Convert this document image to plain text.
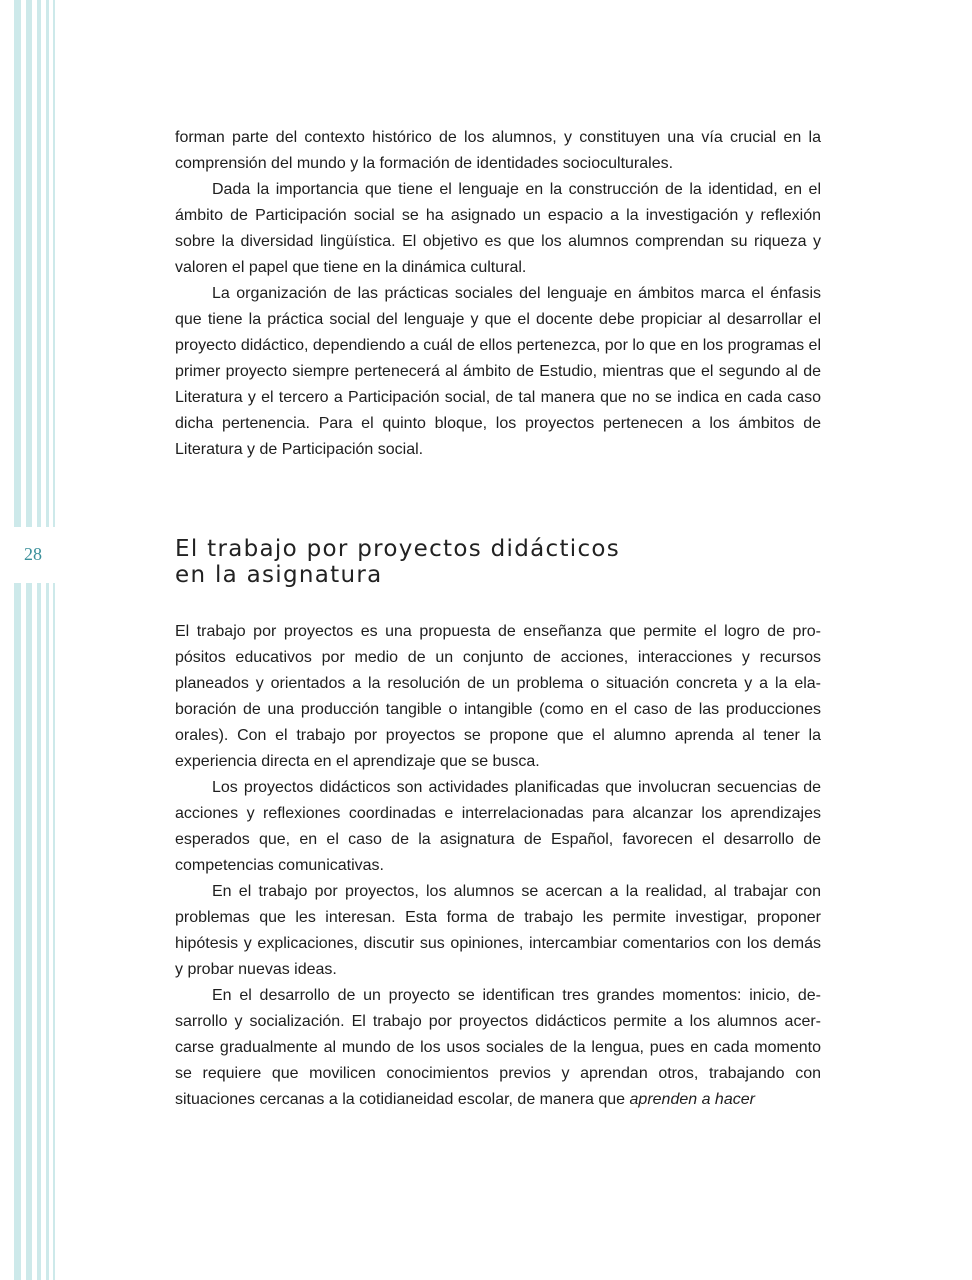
28

forman parte del contexto histórico de los alumnos, y constituyen una vía crucial en la comprensión del mundo y la formación de identidades socioculturales.

Dada la importancia que tiene el lenguaje en la construcción de la identidad, en el ámbito de Participación social se ha asignado un espacio a la investigación y reflexión sobre la diversidad lingüística. El objetivo es que los alumnos comprendan su riqueza y valoren el papel que tiene en la dinámica cultural.

La organización de las prácticas sociales del lenguaje en ámbitos marca el énfasis que tiene la práctica social del lenguaje y que el docente debe propiciar al desarrollar el proyecto didáctico, dependiendo a cuál de ellos pertenezca, por lo que en los programas el primer proyecto siempre pertenecerá al ámbito de Estudio, mientras que el segundo al de Literatura y el tercero a Participación social, de tal manera que no se indica en cada caso dicha pertenencia. Para el quinto bloque, los proyectos pertenecen a los ámbitos de Literatura y de Participación social.

El trabajo por proyectos didácticos
en la asignatura

El trabajo por proyectos es una propuesta de enseñanza que permite el logro de propósitos educativos por medio de un conjunto de acciones, interacciones y recursos planeados y orientados a la resolución de un problema o situación concreta y a la elaboración de una producción tangible o intangible (como en el caso de las producciones orales). Con el trabajo por proyectos se propone que el alumno aprenda al tener la experiencia directa en el aprendizaje que se busca.

Los proyectos didácticos son actividades planificadas que involucran secuencias de acciones y reflexiones coordinadas e interrelacionadas para alcanzar los aprendizajes esperados que, en el caso de la asignatura de Español, favorecen el desarrollo de competencias comunicativas.

En el trabajo por proyectos, los alumnos se acercan a la realidad, al trabajar con problemas que les interesan. Esta forma de trabajo les permite investigar, proponer hipótesis y explicaciones, discutir sus opiniones, intercambiar comentarios con los demás y probar nuevas ideas.

En el desarrollo de un proyecto se identifican tres grandes momentos: inicio, desarrollo y socialización. El trabajo por proyectos didácticos permite a los alumnos acercarse gradualmente al mundo de los usos sociales de la lengua, pues en cada momento se requiere que movilicen conocimientos previos y aprendan otros, trabajando con situaciones cercanas a la cotidianeidad escolar, de manera que aprenden a hacer
